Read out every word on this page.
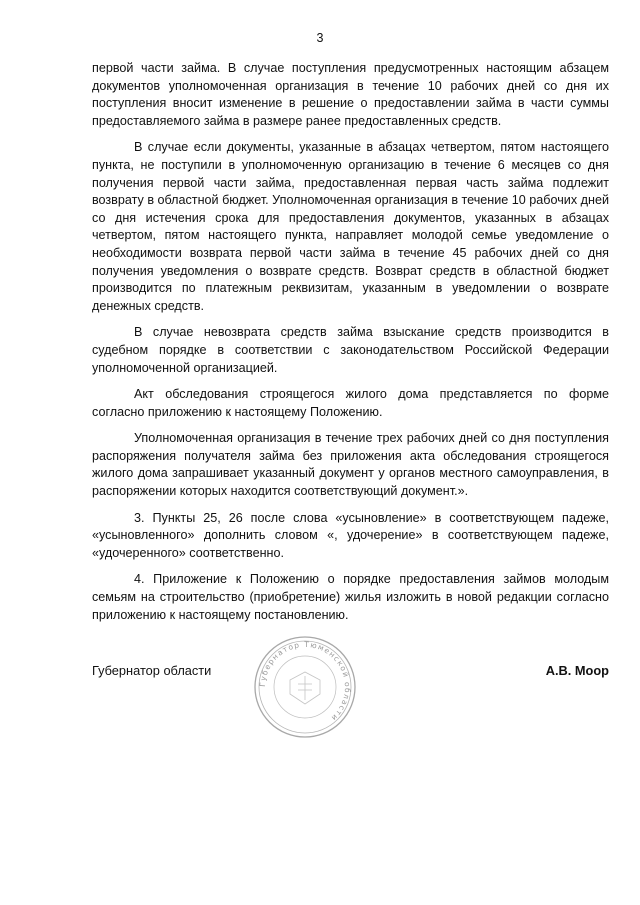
3

первой части займа. В случае поступления предусмотренных настоящим абзацем документов уполномоченная организация в течение 10 рабочих дней со дня их поступления вносит изменение в решение о предоставлении займа в части суммы предоставляемого займа в размере ранее предоставленных средств.

В случае если документы, указанные в абзацах четвертом, пятом настоящего пункта, не поступили в уполномоченную организацию в течение 6 месяцев со дня получения первой части займа, предоставленная первая часть займа подлежит возврату в областной бюджет. Уполномоченная организация в течение 10 рабочих дней со дня истечения срока для предоставления документов, указанных в абзацах четвертом, пятом настоящего пункта, направляет молодой семье уведомление о необходимости возврата первой части займа в течение 45 рабочих дней со дня получения уведомления о возврате средств. Возврат средств в областной бюджет производится по платежным реквизитам, указанным в уведомлении о возврате денежных средств.

В случае невозврата средств займа взыскание средств производится в судебном порядке в соответствии с законодательством Российской Федерации уполномоченной организацией.

Акт обследования строящегося жилого дома представляется по форме согласно приложению к настоящему Положению.

Уполномоченная организация в течение трех рабочих дней со дня поступления распоряжения получателя займа без приложения акта обследования строящегося жилого дома запрашивает указанный документ у органов местного самоуправления, в распоряжении которых находится соответствующий документ.».

3. Пункты 25, 26 после слова «усыновление» в соответствующем падеже, «усыновленного» дополнить словом «, удочерение» в соответствующем падеже, «удочеренного» соответственно.

4. Приложение к Положению о порядке предоставления займов молодым семьям на строительство (приобретение) жилья изложить в новой редакции согласно приложению к настоящему постановлению.

Губернатор Тюменской области
Губернатор области	А.В. Моор
